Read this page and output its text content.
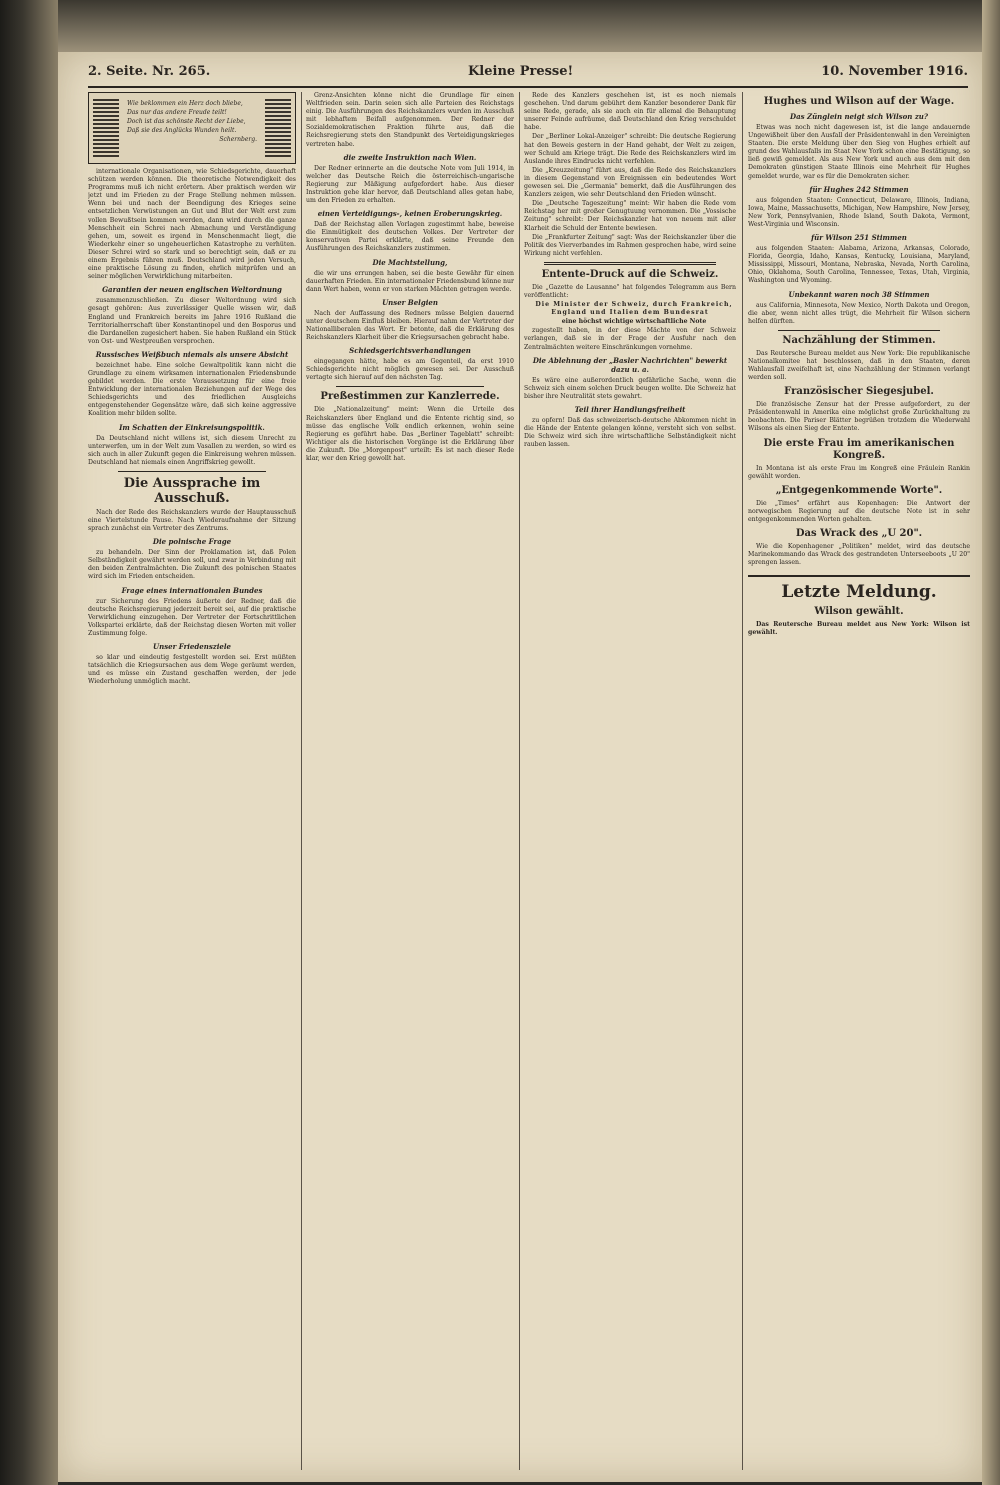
2. Seite. Nr. 265.	Kleine Presse!	10. November 1916.
Wie beklommen ein Herz doch bliebe,
Das nur das andere Freude teilt!
Doch ist das schönste Recht der Liebe,
Daß sie des Anglücks Wunden heilt.
Schernberg.

internationale Organisationen, wie Schiedsgerichte, dauerhaft schützen werden können. Die theoretische Notwendigkeit des Programms muß ich nicht erörtern. Aber praktisch werden wir jetzt und im Frieden zu der Frage Stellung nehmen müssen. Wenn bei und nach der Beendigung des Krieges seine entsetzlichen Verwüstungen an Gut und Blut der Welt erst zum vollen Bewußtsein kommen werden, dann wird durch die ganze Menschheit ein Schrei nach Abmachung und Verständigung gehen, um, soweit es irgend in Menschenmacht liegt, die Wiederkehr einer so ungeheuerlichen Katastrophe zu verhüten. Dieser Schrei wird so stark und so berechtigt sein, daß er zu einem Ergebnis führen muß. Deutschland wird jeden Versuch, eine praktische Lösung zu finden, ehrlich mitprüfen und an seiner möglichen Verwirklichung mitarbeiten.

Garantien der neuen englischen Weltordnung

zusammenzuschließen. Zu dieser Weltordnung wird sich gesagt gehören: Aus zuverlässiger Quelle wissen wir, daß England und Frankreich bereits im Jahre 1916 Rußland die Territorialherrschaft über Konstantinopel und den Bosporus und die Dardanellen zugesichert haben. Sie haben Rußland ein Stück von Ost- und Westpreußen versprochen.

Russisches Weißbuch niemals als unsere Absicht

bezeichnet habe. Eine solche Gewaltpolitik kann nicht die Grundlage zu einem wirksamen internationalen Friedensbunde gebildet werden. Die erste Voraussetzung für eine freie Entwicklung der internationalen Beziehungen auf der Wege des Schiedsgerichts und des friedlichen Ausgleichs entgegenstehender Gegensätze wäre, daß sich keine aggressive Koalition mehr bilden sollte.

Im Schatten der Einkreisungspolitik.

Da Deutschland nicht willens ist, sich diesem Unrecht zu unterwerfen, um in der Welt zum Vasallen zu werden, so wird es sich auch in aller Zukunft gegen die Einkreisung wehren müssen. Deutschland hat niemals einen Angriffskrieg gewollt.

Die Aussprache im Ausschuß.

Nach der Rede des Reichskanzlers wurde der Hauptausschuß eine Viertelstunde Pause. Nach Wiederaufnahme der Sitzung sprach zunächst ein Vertreter des Zentrums.

Die polnische Frage

zu behandeln. Der Sinn der Proklamation ist, daß Polen Selbständigkeit gewährt werden soll, und zwar in Verbindung mit den beiden Zentralmächten. Die Zukunft des polnischen Staates wird sich im Frieden entscheiden.

Frage eines internationalen Bundes

zur Sicherung des Friedens äußerte der Redner, daß die deutsche Reichsregierung jederzeit bereit sei, auf die praktische Verwirklichung einzugehen. Der Vertreter der Fortschrittlichen Volkspartei erklärte, daß der Reichstag diesen Worten mit voller Zustimmung folge.

Unser Friedensziele

so klar und eindeutig festgestellt worden sei. Erst müßten tatsächlich die Kriegsursachen aus dem Wege geräumt werden, und es müsse ein Zustand geschaffen werden, der jede Wiederholung unmöglich macht.

Grenz-Ansichten könne nicht die Grundlage für einen Weltfrieden sein. Darin seien sich alle Parteien des Reichstags einig. Die Ausführungen des Reichskanzlers wurden im Ausschuß mit lebhaftem Beifall aufgenommen. Der Redner der Sozialdemokratischen Fraktion führte aus, daß die Reichsregierung stets den Standpunkt des Verteidigungskrieges vertreten habe.

die zweite Instruktion nach Wien.

Der Redner erinnerte an die deutsche Note vom Juli 1914, in welcher das Deutsche Reich die österreichisch-ungarische Regierung zur Mäßigung aufgefordert habe. Aus dieser Instruktion gehe klar hervor, daß Deutschland alles getan habe, um den Frieden zu erhalten.

einen Verteidigungs-, keinen Eroberungskrieg.

Daß der Reichstag allen Vorlagen zugestimmt habe, beweise die Einmütigkeit des deutschen Volkes. Der Vertreter der konservativen Partei erklärte, daß seine Freunde den Ausführungen des Reichskanzlers zustimmen.

Die Machtstellung,

die wir uns errungen haben, sei die beste Gewähr für einen dauerhaften Frieden. Ein internationaler Friedensbund könne nur dann Wert haben, wenn er von starken Mächten getragen werde.

Unser Belgien

Nach der Auffassung des Redners müsse Belgien dauernd unter deutschem Einfluß bleiben. Hierauf nahm der Vertreter der Nationalliberalen das Wort. Er betonte, daß die Erklärung des Reichskanzlers Klarheit über die Kriegsursachen gebracht habe.

Schiedsgerichtsverhandlungen

eingegangen hätte, habe es am Gegenteil, da erst 1910 Schiedsgerichte nicht möglich gewesen sei. Der Ausschuß vertagte sich hierauf auf den nächsten Tag.

Preßestimmen zur Kanzlerrede.

Die „Nationalzeitung" meint: Wenn die Urteile des Reichskanzlers über England und die Entente richtig sind, so müsse das englische Volk endlich erkennen, wohin seine Regierung es geführt habe. Das „Berliner Tageblatt" schreibt: Wichtiger als die historischen Vorgänge ist die Erklärung über die Zukunft. Die „Morgenpost" urteilt: Es ist nach dieser Rede klar, wer den Krieg gewollt hat.

Rede des Kanzlers geschehen ist, ist es noch niemals geschehen. Und darum gebührt dem Kanzler besonderer Dank für seine Rede, gerade, als sie auch ein für allemal die Behauptung unserer Feinde aufräume, daß Deutschland den Krieg verschuldet habe.

Der „Berliner Lokal-Anzeiger" schreibt: Die deutsche Regierung hat den Beweis gestern in der Hand gehabt, der Welt zu zeigen, wer Schuld am Kriege trägt. Die Rede des Reichskanzlers wird im Auslande ihres Eindrucks nicht verfehlen.

Die „Kreuzzeitung" führt aus, daß die Rede des Reichskanzlers in diesem Gegenstand von Ereignissen ein bedeutendes Wort gewesen sei. Die „Germania" bemerkt, daß die Ausführungen des Kanzlers zeigen, wie sehr Deutschland den Frieden wünscht.

Die „Deutsche Tageszeitung" meint: Wir haben die Rede vom Reichstag her mit großer Genugtuung vernommen. Die „Vossische Zeitung" schreibt: Der Reichskanzler hat von neuem mit aller Klarheit die Schuld der Entente bewiesen.

Die „Frankfurter Zeitung" sagt: Was der Reichskanzler über die Politik des Vierverbandes im Rahmen gesprochen habe, wird seine Wirkung nicht verfehlen.

Entente-Druck auf die Schweiz.

Die „Gazette de Lausanne" hat folgendes Telegramm aus Bern veröffentlicht:

Die Minister der Schweiz, durch Frankreich, England und Italien dem Bundesrat

eine höchst wichtige wirtschaftliche Note

zugestellt haben, in der diese Mächte von der Schweiz verlangen, daß sie in der Frage der Ausfuhr nach den Zentralmächten weitere Einschränkungen vornehme.

Die Ablehnung der „Basler Nachrichten" bewerkt dazu u. a.

Es wäre eine außerordentlich gefährliche Sache, wenn die Schweiz sich einem solchen Druck beugen wollte. Die Schweiz hat bisher ihre Neutralität stets gewahrt.

Teil ihrer Handlungsfreiheit

zu opfern! Daß das schweizerisch-deutsche Abkommen nicht in die Hände der Entente gelangen könne, versteht sich von selbst. Die Schweiz wird sich ihre wirtschaftliche Selbständigkeit nicht rauben lassen.

Hughes und Wilson auf der Wage.
Das Zünglein neigt sich Wilson zu?

Etwas was noch nicht dagewesen ist, ist die lange andauernde Ungewißheit über den Ausfall der Präsidentenwahl in den Vereinigten Staaten. Die erste Meldung über den Sieg von Hughes erhielt auf grund des Wahlausfalls im Staat New York schon eine Bestätigung, so ließ gewiß gemeldet. Als aus New York und auch aus dem mit den Demokraten günstigen Staate Illinois eine Mehrheit für Hughes gemeldet wurde, war es für die Demokraten sicher.

für Hughes 242 Stimmen

aus folgenden Staaten: Connecticut, Delaware, Illinois, Indiana, Iowa, Maine, Massachusetts, Michigan, New Hampshire, New Jersey, New York, Pennsylvanien, Rhode Island, South Dakota, Vermont, West-Virginia und Wisconsin.

für Wilson 251 Stimmen

aus folgenden Staaten: Alabama, Arizona, Arkansas, Colorado, Florida, Georgia, Idaho, Kansas, Kentucky, Louisiana, Maryland, Mississippi, Missouri, Montana, Nebraska, Nevada, North Carolina, Ohio, Oklahoma, South Carolina, Tennessee, Texas, Utah, Virginia, Washington und Wyoming.

Unbekannt waren noch 38 Stimmen

aus California, Minnesota, New Mexico, North Dakota und Oregon, die aber, wenn nicht alles trügt, die Mehrheit für Wilson sichern helfen dürften.

Nachzählung der Stimmen.

Das Reutersche Bureau meldet aus New York: Die republikanische Nationalkomitee hat beschlossen, daß in den Staaten, deren Wahlausfall zweifelhaft ist, eine Nachzählung der Stimmen verlangt werden soll.

Französischer Siegesjubel.

Die französische Zensur hat der Presse aufgefordert, zu der Präsidentenwahl in Amerika eine möglichst große Zurückhaltung zu beobachten. Die Pariser Blätter begrüßen trotzdem die Wiederwahl Wilsons als einen Sieg der Entente.

Die erste Frau im amerikanischen Kongreß.

In Montana ist als erste Frau im Kongreß eine Fräulein Rankin gewählt worden.

„Entgegenkommende Worte".

Die „Times" erfährt aus Kopenhagen: Die Antwort der norwegischen Regierung auf die deutsche Note ist in sehr entgegenkommenden Worten gehalten.

Das Wrack des „U 20".

Wie die Kopenhagener „Politiken" meldet, wird das deutsche Marinekommando das Wrack des gestrandeten Unterseeboots „U 20" sprengen lassen.

Letzte Meldung.
Wilson gewählt.

Das Reutersche Bureau meldet aus New York: Wilson ist gewählt.
